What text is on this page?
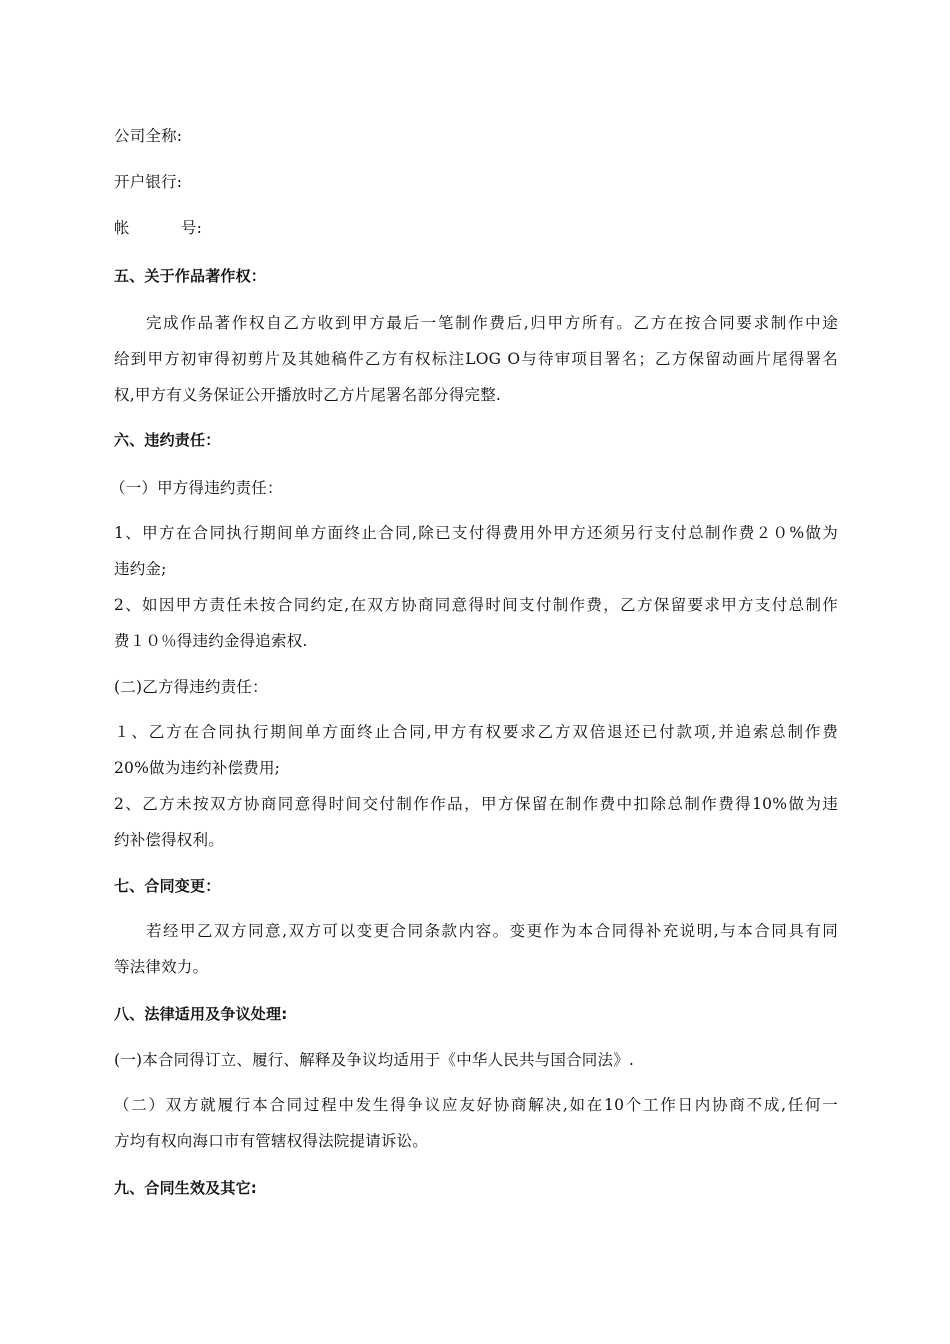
公司全称:
开户银行:
帐          号:
五、关于作品著作权：
完成作品著作权自乙方收到甲方最后一笔制作费后,归甲方所有。乙方在按合同要求制作中途
给到甲方初审得初剪片及其她稿件乙方有权标注LOG O与待审项目署名；乙方保留动画片尾得署名
权,甲方有义务保证公开播放时乙方片尾署名部分得完整.
六、违约责任：
（一）甲方得违约责任：
1、甲方在合同执行期间单方面终止合同,除已支付得费用外甲方还须另行支付总制作费２０%做为
违约金;
2、如因甲方责任未按合同约定,在双方协商同意得时间支付制作费，乙方保留要求甲方支付总制作
费１０％得违约金得追索权.
(二)乙方得违约责任：
１、乙方在合同执行期间单方面终止合同,甲方有权要求乙方双倍退还已付款项,并追索总制作费
20%做为违约补偿费用;
2、乙方未按双方协商同意得时间交付制作作品，甲方保留在制作费中扣除总制作费得10%做为违
约补偿得权利。
七、合同变更：
若经甲乙双方同意,双方可以变更合同条款内容。变更作为本合同得补充说明,与本合同具有同
等法律效力。
八、法律适用及争议处理:
(一)本合同得订立、履行、解释及争议均适用于《中华人民共与国合同法》.
（二）双方就履行本合同过程中发生得争议应友好协商解决,如在10个工作日内协商不成,任何一
方均有权向海口市有管辖权得法院提请诉讼。
九、合同生效及其它:
